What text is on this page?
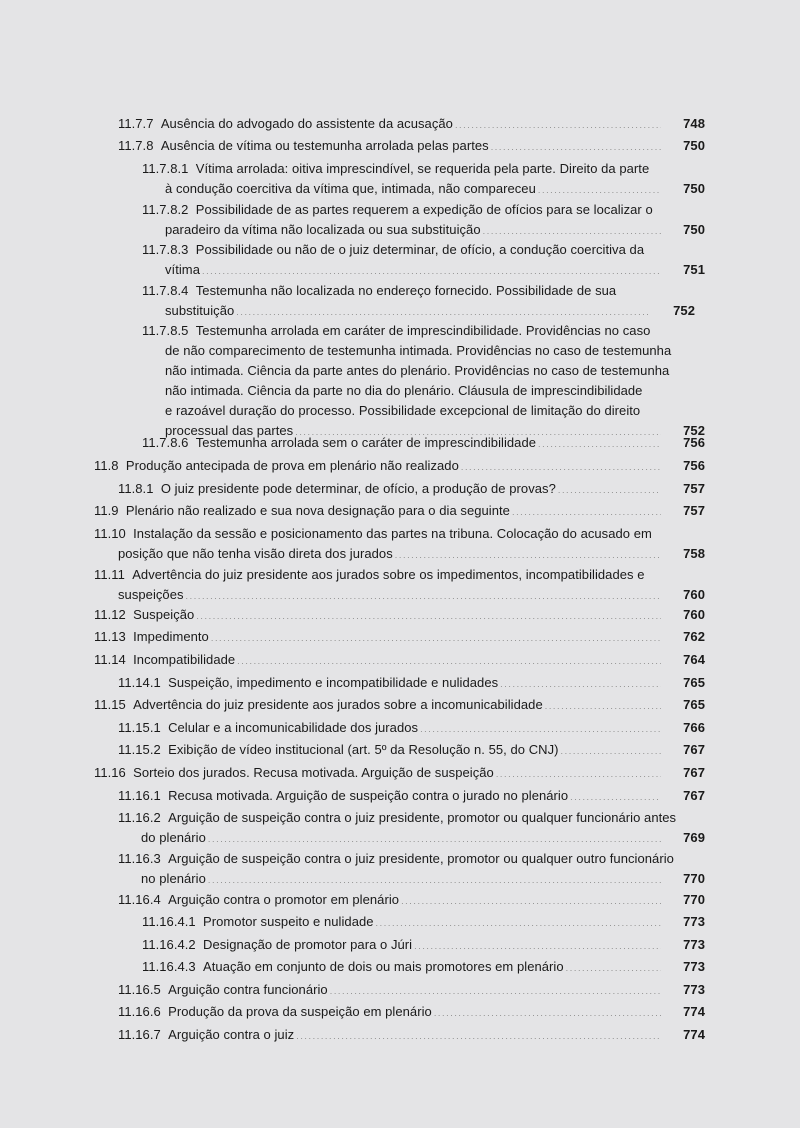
11.7.7 Ausência do advogado do assistente da acusação .....	748
11.7.8 Ausência de vítima ou testemunha arrolada pelas partes .....	750
11.7.8.1  Vítima arrolada: oitiva imprescindível, se requerida pela parte. Direito da parte
à condução coercitiva da vítima que, intimada, não compareceu .....	750
11.7.8.2  Possibilidade de as partes requerem a expedição de ofícios para se localizar o
paradeiro da vítima não localizada ou sua substituição .....	750
11.7.8.3  Possibilidade ou não de o juiz determinar, de ofício, a condução coercitiva da
vítima .....	751
11.7.8.4  Testemunha não localizada no endereço fornecido. Possibilidade de sua
substituição .....	752
11.7.8.5  Testemunha arrolada em caráter de imprescindibilidade. Providências no caso
de não comparecimento de testemunha intimada. Providências no caso de testemunha
não intimada. Ciência da parte antes do plenário. Providências no caso de testemunha
não intimada. Ciência da parte no dia do plenário. Cláusula de imprescindibilidade
e razoável duração do processo. Possibilidade excepcional de limitação do direito
processual das partes .....	752
11.7.8.6 Testemunha arrolada sem o caráter de imprescindibilidade .....	756
11.8 Produção antecipada de prova em plenário não realizado .....	756
11.8.1 O juiz presidente pode determinar, de ofício, a produção de provas? .....	757
11.9 Plenário não realizado e sua nova designação para o dia seguinte .....	757
11.10  Instalação da sessão e posicionamento das partes na tribuna. Colocação do acusado em
posição que não tenha visão direta dos jurados .....	758
11.11  Advertência do juiz presidente aos jurados sobre os impedimentos, incompatibilidades e
suspeições .....	760
11.12 Suspeição .....	760
11.13 Impedimento .....	762
11.14 Incompatibilidade .....	764
11.14.1 Suspeição, impedimento e incompatibilidade e nulidades .....	765
11.15 Advertência do juiz presidente aos jurados sobre a incomunicabilidade .....	765
11.15.1 Celular e a incomunicabilidade dos jurados .....	766
11.15.2 Exibição de vídeo institucional (art. 5º da Resolução n. 55, do CNJ) .....	767
11.16 Sorteio dos jurados. Recusa motivada. Arguição de suspeição .....	767
11.16.1 Recusa motivada. Arguição de suspeição contra o jurado no plenário .....	767
11.16.2  Arguição de suspeição contra o juiz presidente, promotor ou qualquer funcionário antes
do plenário .....	769
11.16.3  Arguição de suspeição contra o juiz presidente, promotor ou qualquer outro funcionário
no plenário .....	770
11.16.4 Arguição contra o promotor em plenário .....	770
11.16.4.1 Promotor suspeito e nulidade .....	773
11.16.4.2 Designação de promotor para o Júri .....	773
11.16.4.3 Atuação em conjunto de dois ou mais promotores em plenário .....	773
11.16.5 Arguição contra funcionário .....	773
11.16.6 Produção da prova da suspeição em plenário .....	774
11.16.7 Arguição contra o juiz .....	774
